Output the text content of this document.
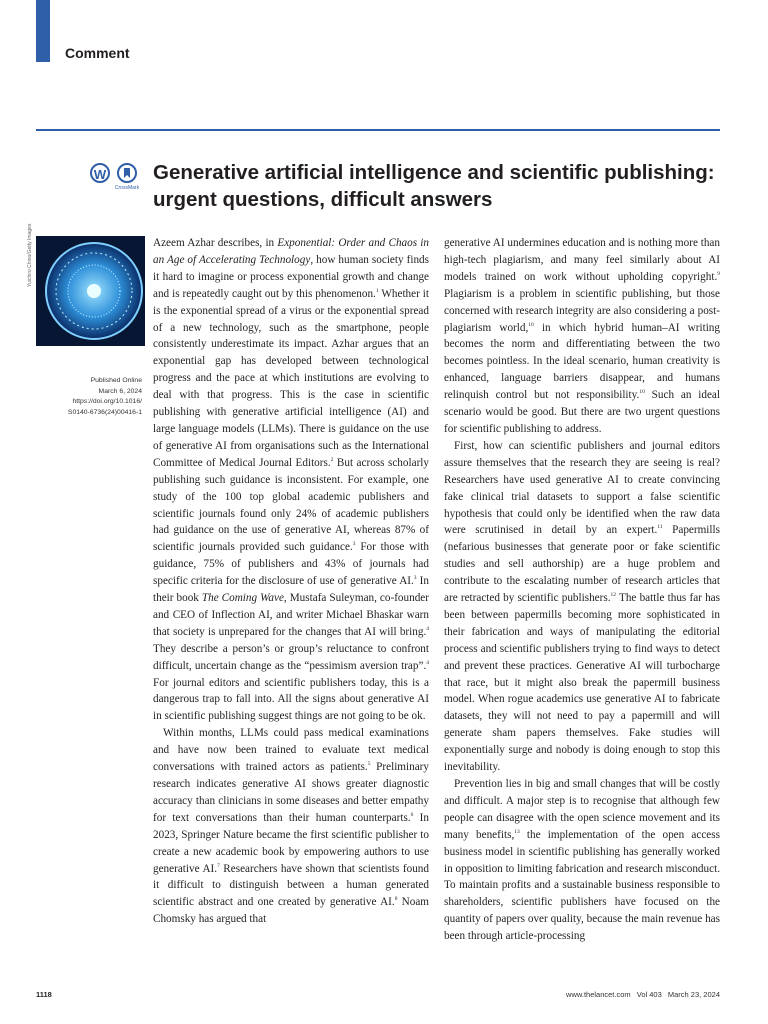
Comment
W
CrossMark
Generative artificial intelligence and scientific publishing: urgent questions, difficult answers
Yuichiro Chino/Getty Images
Published Online
March 6, 2024
https://doi.org/10.1016/
S0140-6736(24)00416-1

Azeem Azhar describes, in Exponential: Order and Chaos in an Age of Accelerating Technology, how human society finds it hard to imagine or process exponential growth and change and is repeatedly caught out by this phenomenon.$^1$ Whether it is the exponential spread of a virus or the exponential spread of a new technology, such as the smartphone, people consistently underestimate its impact. Azhar argues that an exponential gap has developed between technological progress and the pace at which institutions are evolving to deal with that progress. This is the case in scientific publishing with generative artificial intelligence (AI) and large language models (LLMs). There is guidance on the use of generative AI from organisations such as the International Committee of Medical Journal Editors.$^2$ But across scholarly publishing such guidance is inconsistent. For example, one study of the 100 top global academic publishers and scientific journals found only 24% of academic publishers had guidance on the use of generative AI, whereas 87% of scientific journals provided such guidance.$^3$ For those with guidance, 75% of publishers and 43% of journals had specific criteria for the disclosure of use of generative AI.$^3$ In their book The Coming Wave, Mustafa Suleyman, co-founder and CEO of Inflection AI, and writer Michael Bhaskar warn that society is unprepared for the changes that AI will bring.$^4$ They describe a person’s or group’s reluctance to confront difficult, uncertain change as the “pessimism aversion trap”.$^4$ For journal editors and scientific publishers today, this is a dangerous trap to fall into. All the signs about generative AI in scientific publishing suggest things are not going to be ok.

Within months, LLMs could pass medical examinations and have now been trained to evaluate text medical conversations with trained actors as patients.$^5$ Preliminary research indicates generative AI shows greater diagnostic accuracy than clinicians in some diseases and better empathy for text conversations than their human counterparts.$^6$ In 2023, Springer Nature became the first scientific publisher to create a new academic book by empowering authors to use generative AI.$^7$ Researchers have shown that scientists found it difficult to distinguish between a human generated scientific abstract and one created by generative AI.$^8$ Noam Chomsky has argued that

generative AI undermines education and is nothing more than high-tech plagiarism, and many feel similarly about AI models trained on work without upholding copyright.$^9$ Plagiarism is a problem in scientific publishing, but those concerned with research integrity are also considering a post-plagiarism world,$^{10}$ in which hybrid human–AI writing becomes the norm and differentiating between the two becomes pointless. In the ideal scenario, human creativity is enhanced, language barriers disappear, and humans relinquish control but not responsibility.$^{10}$ Such an ideal scenario would be good. But there are two urgent questions for scientific publishing to address.

First, how can scientific publishers and journal editors assure themselves that the research they are seeing is real? Researchers have used generative AI to create convincing fake clinical trial datasets to support a false scientific hypothesis that could only be identified when the raw data were scrutinised in detail by an expert.$^{11}$ Papermills (nefarious businesses that generate poor or fake scientific studies and sell authorship) are a huge problem and contribute to the escalating number of research articles that are retracted by scientific publishers.$^{12}$ The battle thus far has been between papermills becoming more sophisticated in their fabrication and ways of manipulating the editorial process and scientific publishers trying to find ways to detect and prevent these practices. Generative AI will turbocharge that race, but it might also break the papermill business model. When rogue academics use generative AI to fabricate datasets, they will not need to pay a papermill and will generate sham papers themselves. Fake studies will exponentially surge and nobody is doing enough to stop this inevitability.

Prevention lies in big and small changes that will be costly and difficult. A major step is to recognise that although few people can disagree with the open science movement and its many benefits,$^{13}$ the implementation of the open access business model in scientific publishing has generally worked in opposition to limiting fabrication and research misconduct. To maintain profits and a sustainable business responsible to shareholders, scientific publishers have focused on the quantity of papers over quality, because the main revenue has been through article-processing

1118	www.thelancet.com Vol 403 March 23, 2024
